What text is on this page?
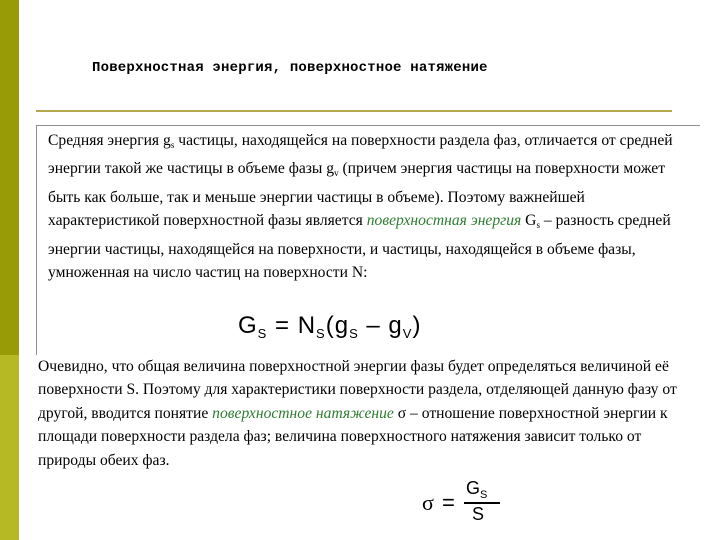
Поверхностная энергия, поверхностное натяжение
Средняя энергия $g_s$ частицы, находящейся на поверхности раздела фаз, отличается от средней энергии такой же частицы в объеме фазы $g_v$ (причем энергия частицы на поверхности может быть как больше, так и меньше энергии частицы в объеме). Поэтому важнейшей характеристикой поверхностной фазы является поверхностная энергия $G_s$ – разность средней энергии частицы, находящейся на поверхности, и частицы, находящейся в объеме фазы, умноженная на число частиц на поверхности N:
$G_S = N_S(g_S - g_V)$
Очевидно, что общая величина поверхностной энергии фазы будет определяться величиной её поверхности S. Поэтому для характеристики поверхности раздела, отделяющей данную фазу от другой, вводится понятие поверхностное натяжение σ – отношение поверхностной энергии к площади поверхности раздела фаз; величина поверхностного натяжения зависит только от природы обеих фаз.
σ =
$G_S$
S
